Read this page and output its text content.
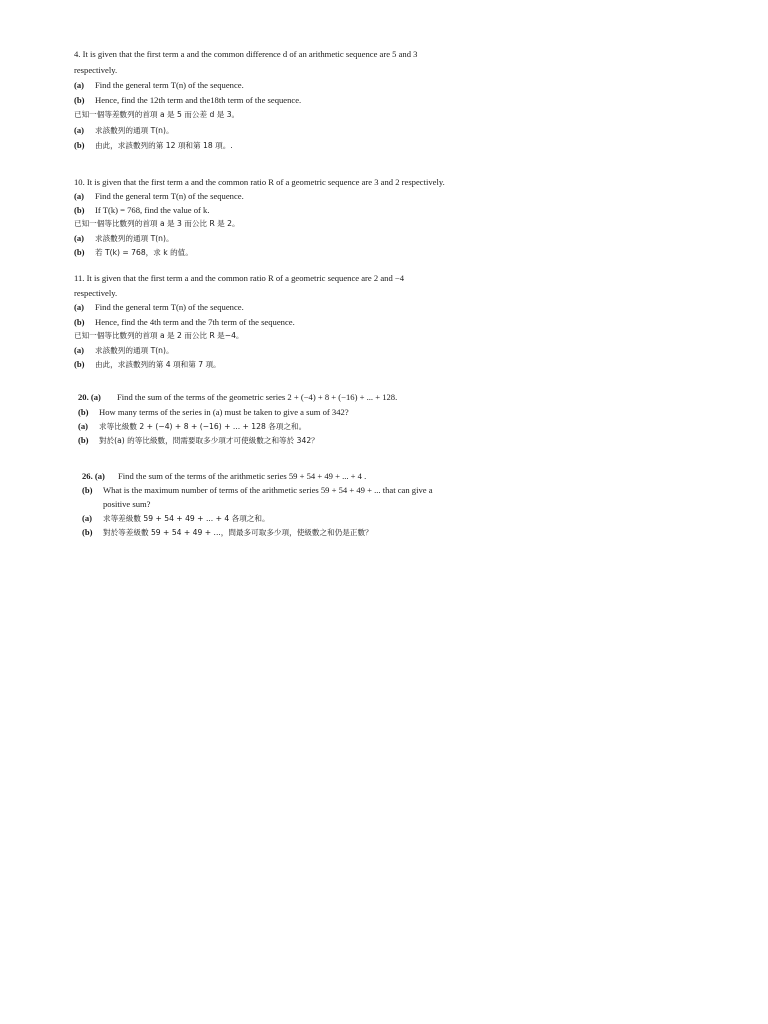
4. It is given that the first term a and the common difference d of an arithmetic sequence are 5 and 3
respectively.
(a) Find the general term T(n) of the sequence.
(b) Hence, find the 12th term and the18th term of the sequence.
已知一個等差數列的首項 a 是 5 而公差 d 是 3。
(a) 求該數列的通項 T(n)。
(b) 由此，求該數列的第 12 項和第 18 項。.
10. It is given that the first term a and the common ratio R of a geometric sequence are 3 and 2 respectively.
(a) Find the general term T(n) of the sequence.
(b) If T(k) = 768, find the value of k.
已知一個等比數列的首項 a 是 3 而公比 R 是 2。
(a) 求該數列的通項 T(n)。
(b) 若 T(k) = 768，求 k 的值。
11. It is given that the first term a and the common ratio R of a geometric sequence are 2 and −4
respectively.
(a) Find the general term T(n) of the sequence.
(b) Hence, find the 4th term and the 7th term of the sequence.
已知一個等比數列的首項 a 是 2 而公比 R 是−4。
(a) 求該數列的通項 T(n)。
(b) 由此，求該數列的第 4 項和第 7 項。
20. (a) Find the sum of the terms of the geometric series 2 + (−4) + 8 + (−16) + ... + 128.
(b) How many terms of the series in (a) must be taken to give a sum of 342?
(a) 求等比級數 2 + (−4) + 8 + (−16) + ... + 128 各項之和。
(b) 對於(a) 的等比級數，問需要取多少項才可使級數之和等於 342？
26. (a) Find the sum of the terms of the arithmetic series 59 + 54 + 49 + ... + 4 .
(b) What is the maximum number of terms of the arithmetic series 59 + 54 + 49 + ... that can give a
positive sum?
(a) 求等差級數 59 + 54 + 49 + ... + 4 各項之和。
(b) 對於等差級數 59 + 54 + 49 + ...，問最多可取多少項，使級數之和仍是正數？
